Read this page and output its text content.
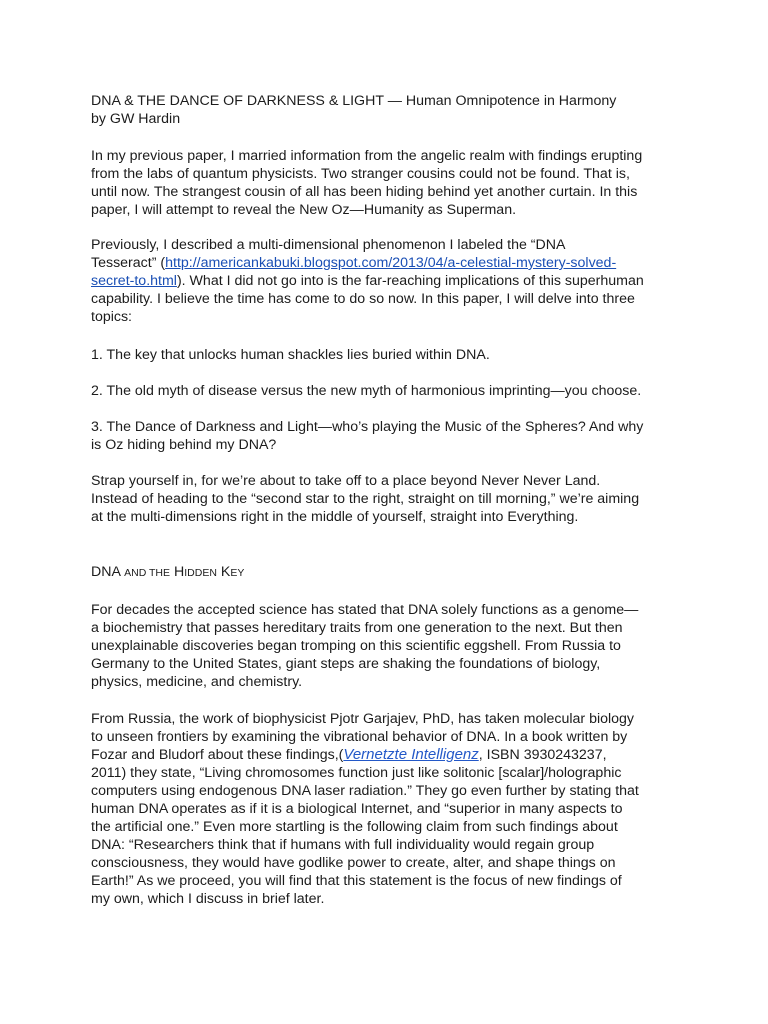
DNA & THE DANCE OF DARKNESS & LIGHT — Human Omnipotence in Harmony
by GW Hardin
In my previous paper, I married information from the angelic realm with findings erupting
from the labs of quantum physicists. Two stranger cousins could not be found. That is,
until now. The strangest cousin of all has been hiding behind yet another curtain. In this
paper, I will attempt to reveal the New Oz—Humanity as Superman.
Previously, I described a multi-dimensional phenomenon I labeled the “DNA
Tesseract” (http://americankabuki.blogspot.com/2013/04/a-celestial-mystery-solved-
secret-to.html). What I did not go into is the far-reaching implications of this superhuman
capability. I believe the time has come to do so now. In this paper, I will delve into three
topics:
1. The key that unlocks human shackles lies buried within DNA.
2. The old myth of disease versus the new myth of harmonious imprinting—you choose.
3. The Dance of Darkness and Light—who’s playing the Music of the Spheres? And why
is Oz hiding behind my DNA?
Strap yourself in, for we’re about to take off to a place beyond Never Never Land.
Instead of heading to the “second star to the right, straight on till morning,” we’re aiming
at the multi-dimensions right in the middle of yourself, straight into Everything.
DNA AND THE HIDDEN KEY
For decades the accepted science has stated that DNA solely functions as a genome—
a biochemistry that passes hereditary traits from one generation to the next. But then
unexplainable discoveries began tromping on this scientific eggshell. From Russia to
Germany to the United States, giant steps are shaking the foundations of biology,
physics, medicine, and chemistry.
From Russia, the work of biophysicist Pjotr Garjajev, PhD, has taken molecular biology
to unseen frontiers by examining the vibrational behavior of DNA. In a book written by
Fozar and Bludorf about these findings,(Vernetzte Intelligenz, ISBN 3930243237,
2011) they state, “Living chromosomes function just like solitonic [scalar]/holographic
computers using endogenous DNA laser radiation.” They go even further by stating that
human DNA operates as if it is a biological Internet, and “superior in many aspects to
the artificial one.” Even more startling is the following claim from such findings about
DNA: “Researchers think that if humans with full individuality would regain group
consciousness, they would have godlike power to create, alter, and shape things on
Earth!” As we proceed, you will find that this statement is the focus of new findings of
my own, which I discuss in brief later.
